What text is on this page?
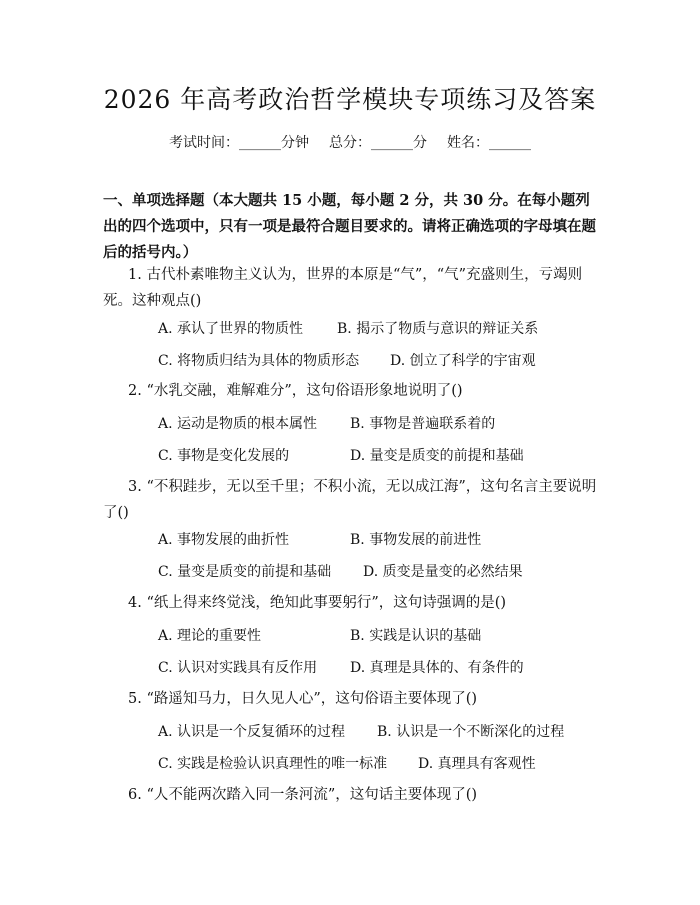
2026 年高考政治哲学模块专项练习及答案
考试时间：______分钟 总分：______分 姓名：______
一、单项选择题（本大题共 15 小题，每小题 2 分，共 30 分。在每小题列出的四个选项中，只有一项是最符合题目要求的。请将正确选项的字母填在题后的括号内。）
1. 古代朴素唯物主义认为，世界的本原是“气”，“气”充盛则生，亏竭则死。这种观点()
A. 承认了世界的物质性 B. 揭示了物质与意识的辩证关系
C. 将物质归结为具体的物质形态 D. 创立了科学的宇宙观
2. “水乳交融，难解难分”，这句俗语形象地说明了()
A. 运动是物质的根本属性 B. 事物是普遍联系着的
C. 事物是变化发展的	D. 量变是质变的前提和基础
3. “不积跬步，无以至千里；不积小流，无以成江海”，这句名言主要说明了()
A. 事物发展的曲折性	B. 事物发展的前进性
C. 量变是质变的前提和基础 D. 质变是量变的必然结果
4. “纸上得来终觉浅，绝知此事要躬行”，这句诗强调的是()
A. 理论的重要性	B. 实践是认识的基础
C. 认识对实践具有反作用 D. 真理是具体的、有条件的
5. “路遥知马力，日久见人心”，这句俗语主要体现了()
A. 认识是一个反复循环的过程 B. 认识是一个不断深化的过程
C. 实践是检验认识真理性的唯一标准 D. 真理具有客观性
6. “人不能两次踏入同一条河流”，这句话主要体现了()
